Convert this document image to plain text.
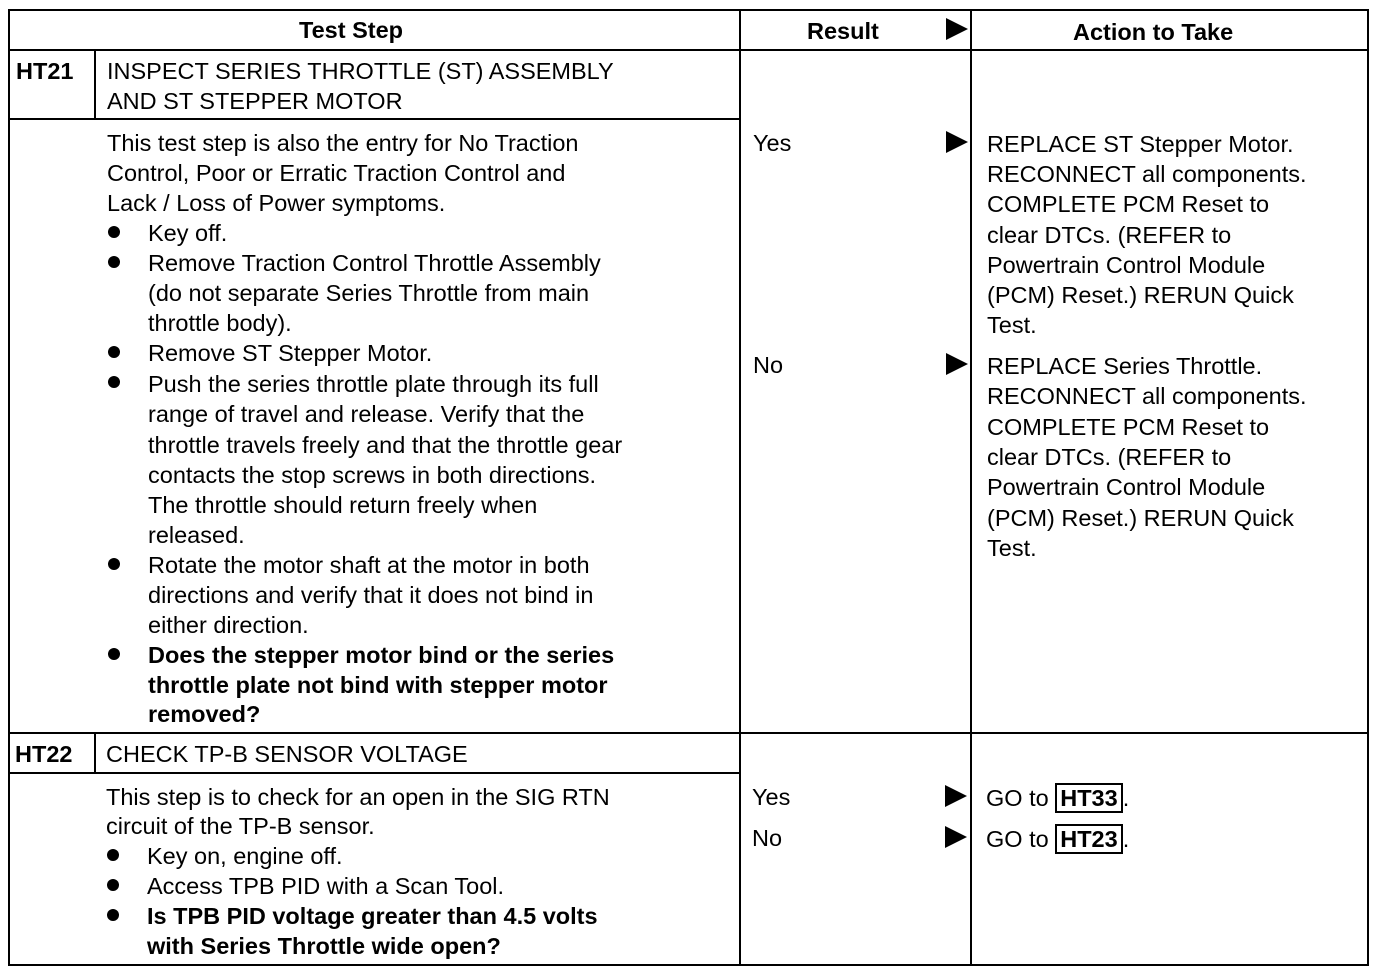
Test Step	Result	Action to Take
HT21 INSPECT SERIES THROTTLE (ST) ASSEMBLY
AND ST STEPPER MOTOR
This test step is also the entry for No Traction
Control, Poor or Erratic Traction Control and
Lack / Loss of Power symptoms.
Key off.
Remove Traction Control Throttle Assembly
(do not separate Series Throttle from main
throttle body).
Remove ST Stepper Motor.
Push the series throttle plate through its full
range of travel and release. Verify that the
throttle travels freely and that the throttle gear
contacts the stop screws in both directions.
The throttle should return freely when
released.
Rotate the motor shaft at the motor in both
directions and verify that it does not bind in
either direction.
Does the stepper motor bind or the series
throttle plate not bind with stepper motor
removed?
Yes	REPLACE ST Stepper Motor.
RECONNECT all components.
COMPLETE PCM Reset to
clear DTCs. (REFER to
Powertrain Control Module
(PCM) Reset.) RERUN Quick
Test.
No	REPLACE Series Throttle.
RECONNECT all components.
COMPLETE PCM Reset to
clear DTCs. (REFER to
Powertrain Control Module
(PCM) Reset.) RERUN Quick
Test.
HT22 CHECK TP-B SENSOR VOLTAGE
This step is to check for an open in the SIG RTN
circuit of the TP-B sensor.
Key on, engine off.
Access TPB PID with a Scan Tool.
Is TPB PID voltage greater than 4.5 volts
with Series Throttle wide open?
Yes	GO to HT33 .
No	GO to HT23 .
